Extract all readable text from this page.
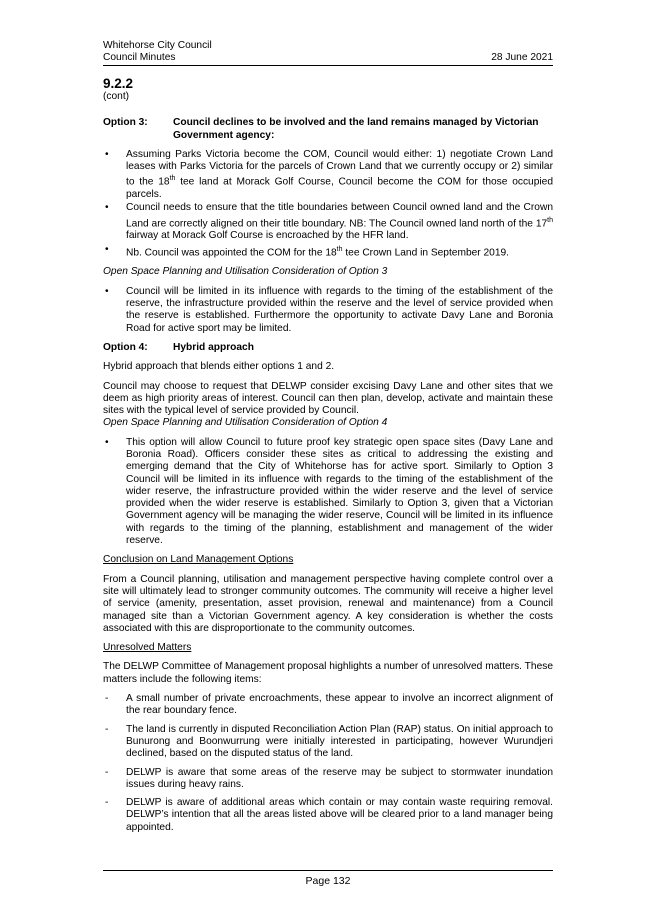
Whitehorse City Council
Council Minutes	28 June 2021
9.2.2
(cont)
Option 3:	Council declines to be involved and the land remains managed by Victorian Government agency:
• Assuming Parks Victoria become the COM, Council would either: 1) negotiate Crown Land leases with Parks Victoria for the parcels of Crown Land that we currently occupy or 2) similar to the 18th tee land at Morack Golf Course, Council become the COM for those occupied parcels.
• Council needs to ensure that the title boundaries between Council owned land and the Crown Land are correctly aligned on their title boundary. NB: The Council owned land north of the 17th fairway at Morack Golf Course is encroached by the HFR land.
• Nb. Council was appointed the COM for the 18th tee Crown Land in September 2019.
Open Space Planning and Utilisation Consideration of Option 3
• Council will be limited in its influence with regards to the timing of the establishment of the reserve, the infrastructure provided within the reserve and the level of service provided when the reserve is established. Furthermore the opportunity to activate Davy Lane and Boronia Road for active sport may be limited.
Option 4:	Hybrid approach

Hybrid approach that blends either options 1 and 2.

Council may choose to request that DELWP consider excising Davy Lane and other sites that we deem as high priority areas of interest. Council can then plan, develop, activate and maintain these sites with the typical level of service provided by Council.

Open Space Planning and Utilisation Consideration of Option 4
• This option will allow Council to future proof key strategic open space sites (Davy Lane and Boronia Road). Officers consider these sites as critical to addressing the existing and emerging demand that the City of Whitehorse has for active sport. Similarly to Option 3 Council will be limited in its influence with regards to the timing of the establishment of the wider reserve, the infrastructure provided within the wider reserve and the level of service provided when the wider reserve is established. Similarly to Option 3, given that a Victorian Government agency will be managing the wider reserve, Council will be limited in its influence with regards to the timing of the planning, establishment and management of the wider reserve.
Conclusion on Land Management Options

From a Council planning, utilisation and management perspective having complete control over a site will ultimately lead to stronger community outcomes. The community will receive a higher level of service (amenity, presentation, asset provision, renewal and maintenance) from a Council managed site than a Victorian Government agency. A key consideration is whether the costs associated with this are disproportionate to the community outcomes.

Unresolved Matters

The DELWP Committee of Management proposal highlights a number of unresolved matters. These matters include the following items:

- A small number of private encroachments, these appear to involve an incorrect alignment of the rear boundary fence.
- The land is currently in disputed Reconciliation Action Plan (RAP) status. On initial approach to Bunurong and Boonwurrung were initially interested in participating, however Wurundjeri declined, based on the disputed status of the land.
- DELWP is aware that some areas of the reserve may be subject to stormwater inundation issues during heavy rains.
- DELWP is aware of additional areas which contain or may contain waste requiring removal. DELWP’s intention that all the areas listed above will be cleared prior to a land manager being appointed.
Page 132
